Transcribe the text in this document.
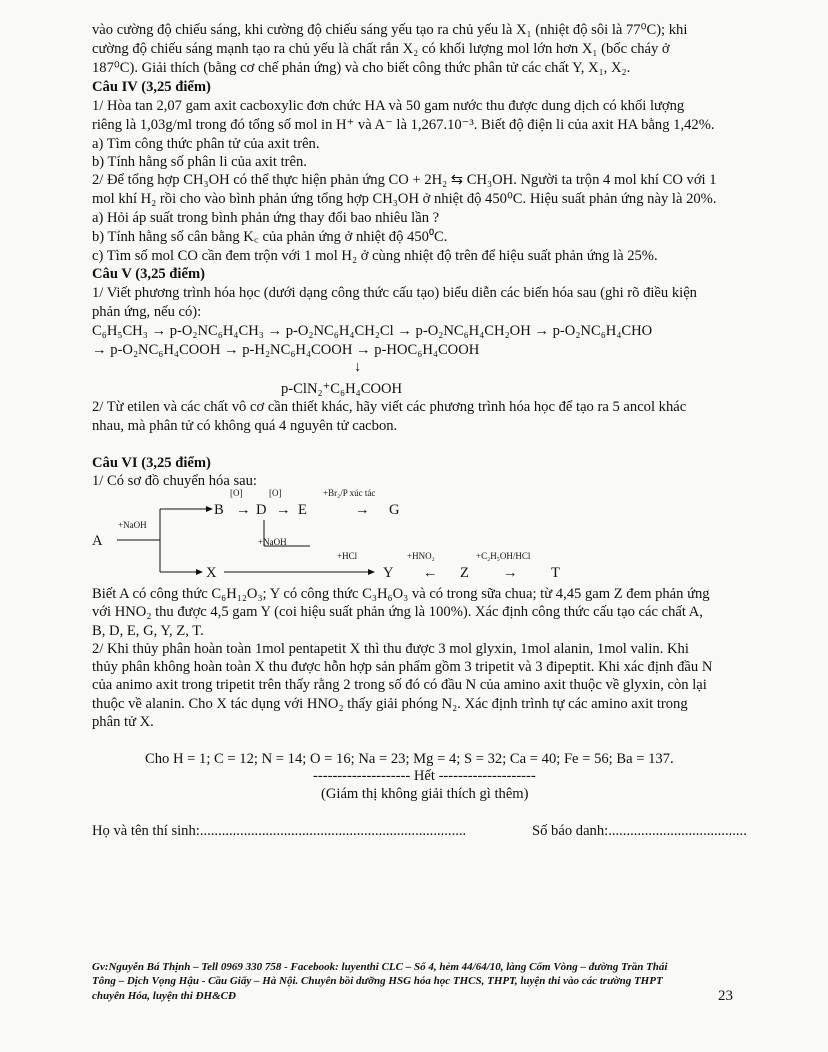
vào cường độ chiếu sáng, khi cường độ chiếu sáng yếu tạo ra chủ yếu là X₁ (nhiệt độ sôi là 77⁰C); khi

cường độ chiếu sáng mạnh tạo ra chủ yếu là chất rắn X₂ có khối lượng mol lớn hơn X₁ (bốc cháy ở

187⁰C). Giải thích (bằng cơ chế phản ứng) và cho biết công thức phân tử các chất Y, X₁, X₂.

Câu IV (3,25 điểm)

1/ Hòa tan 2,07 gam axit cacboxylic đơn chức HA và 50 gam nước thu được dung dịch có khối lượng

riêng là 1,03g/ml trong đó tổng số mol in H⁺ và A⁻ là 1,267.10⁻³. Biết độ điện li của axit HA bằng 1,42%.

a) Tìm công thức phân tử của axit trên.

b) Tính hằng số phân li của axit trên.

2/ Để tổng hợp CH₃OH có thể thực hiện phản ứng CO + 2H₂ ⇆ CH₃OH. Người ta trộn 4 mol khí CO với 1

mol khí H₂ rồi cho vào bình phản ứng tổng hợp CH₃OH ở nhiệt độ 450⁰C. Hiệu suất phản ứng này là 20%.

a) Hỏi áp suất trong bình phản ứng thay đổi bao nhiêu lần ?

b) Tính hằng số cân bằng K꜀ của phản ứng ở nhiệt độ 450⁰C.

c) Tìm số mol CO cần đem trộn với 1 mol H₂ ở cùng nhiệt độ trên để hiệu suất phản ứng là 25%.

Câu V (3,25 điểm)

1/ Viết phương trình hóa học (dưới dạng công thức cấu tạo) biểu diễn các biến hóa sau (ghi rõ điều kiện

phản ứng, nếu có):

C₆H₅CH₃ → p-O₂NC₆H₄CH₃ → p-O₂NC₆H₄CH₂Cl → p-O₂NC₆H₄CH₂OH → p-O₂NC₆H₄CHO

→ p-O₂NC₆H₄COOH → p-H₂NC₆H₄COOH → p-HOC₆H₄COOH

↓
p-ClN₂⁺C₆H₄COOH

2/ Từ etilen và các chất vô cơ cần thiết khác, hãy viết các phương trình hóa học để tạo ra 5 ancol khác

nhau, mà phân tử có không quá 4 nguyên tử cacbon.

Câu VI (3,25 điểm)

1/ Có sơ đồ chuyển hóa sau:

A
B → D → E	→ G
[O]	[O]	+Br₂/P xúc tác
+NaOH
+NaOH
+HCl	+HNO₂	+C₂H₅OH/HCl
X	Y ← Z → T

Biết A có công thức C₆H₁₂O₃; Y có công thức C₃H₆O₃ và có trong sữa chua; từ 4,45 gam Z đem phản ứng

với HNO₂ thu được 4,5 gam Y (coi hiệu suất phản ứng là 100%). Xác định công thức cấu tạo các chất A,

B, D, E, G, Y, Z, T.

2/ Khi thủy phân hoàn toàn 1mol pentapetit X thì thu được 3 mol glyxin, 1mol alanin, 1mol valin. Khi

thủy phân không hoàn toàn X thu được hỗn hợp sản phẩm gồm 3 tripetit và 3 đipeptit. Khi xác định đầu N

của animo axit trong tripetit trên thấy rằng 2 trong số đó có đầu N của amino axit thuộc về glyxin, còn lại

thuộc về alanin. Cho X tác dụng với HNO₂ thấy giải phóng N₂. Xác định trình tự các amino axit trong

phân tử X.

Cho H = 1; C = 12; N = 14; O = 16; Na = 23; Mg = 4; S = 32; Ca = 40; Fe = 56; Ba = 137.
-------------------- Hết --------------------
(Giám thị không giải thích gì thêm)
Họ và tên thí sinh:.........................................................................	Số báo danh:......................................
Gv:Nguyễn Bá Thịnh – Tell 0969 330 758 - Facebook: luyenthi CLC – Số 4, hẻm 44/64/10, làng Cốm Vòng – đường Trần Thái
Tông – Dịch Vọng Hậu - Cầu Giấy – Hà Nội. Chuyên bồi dưỡng HSG hóa học THCS, THPT, luyện thi vào các trường THPT
chuyên Hóa, luyện thi ĐH&CĐ	23
